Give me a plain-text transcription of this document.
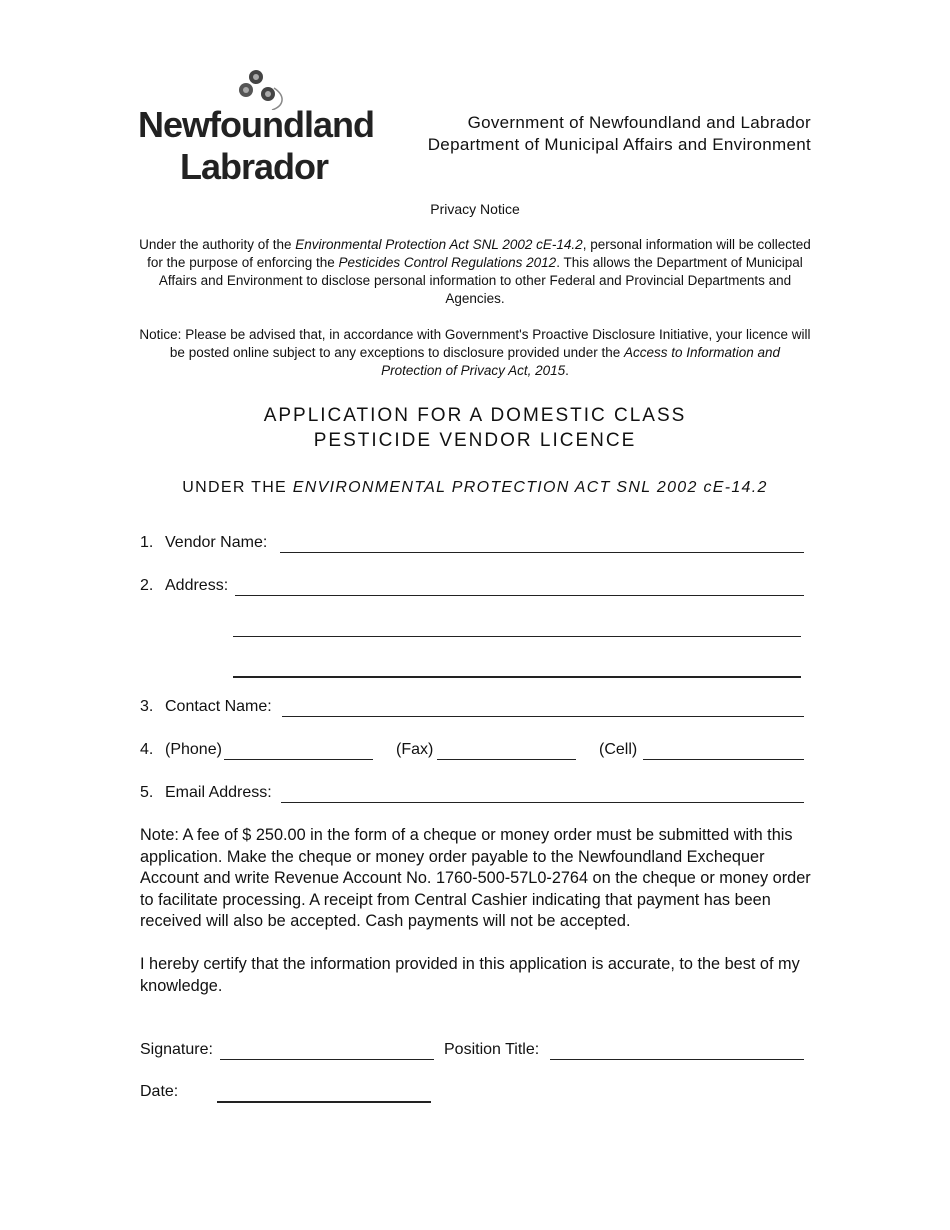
Newfoundland
Labrador
Government of Newfoundland and Labrador
Department of Municipal Affairs and Environment
Privacy Notice
Under the authority of the Environmental Protection Act SNL 2002 cE-14.2, personal information will be collected for the purpose of enforcing the Pesticides Control Regulations 2012. This allows the Department of Municipal Affairs and Environment to disclose personal information to other Federal and Provincial Departments and Agencies.
Notice: Please be advised that, in accordance with Government's Proactive Disclosure Initiative, your licence will be posted online subject to any exceptions to disclosure provided under the Access to Information and Protection of Privacy Act, 2015.
APPLICATION FOR A DOMESTIC CLASS
PESTICIDE VENDOR LICENCE
UNDER THE ENVIRONMENTAL PROTECTION ACT SNL 2002 cE-14.2
1. Vendor Name:
2. Address:
3. Contact Name:
4. (Phone)	(Fax)	(Cell)
5. Email Address:
Note: A fee of $ 250.00 in the form of a cheque or money order must be submitted with this application. Make the cheque or money order payable to the Newfoundland Exchequer Account and write Revenue Account No. 1760-500-57L0-2764 on the cheque or money order to facilitate processing. A receipt from Central Cashier indicating that payment has been received will also be accepted. Cash payments will not be accepted.
I hereby certify that the information provided in this application is accurate, to the best of my knowledge.
Signature:	Position Title:
Date:
